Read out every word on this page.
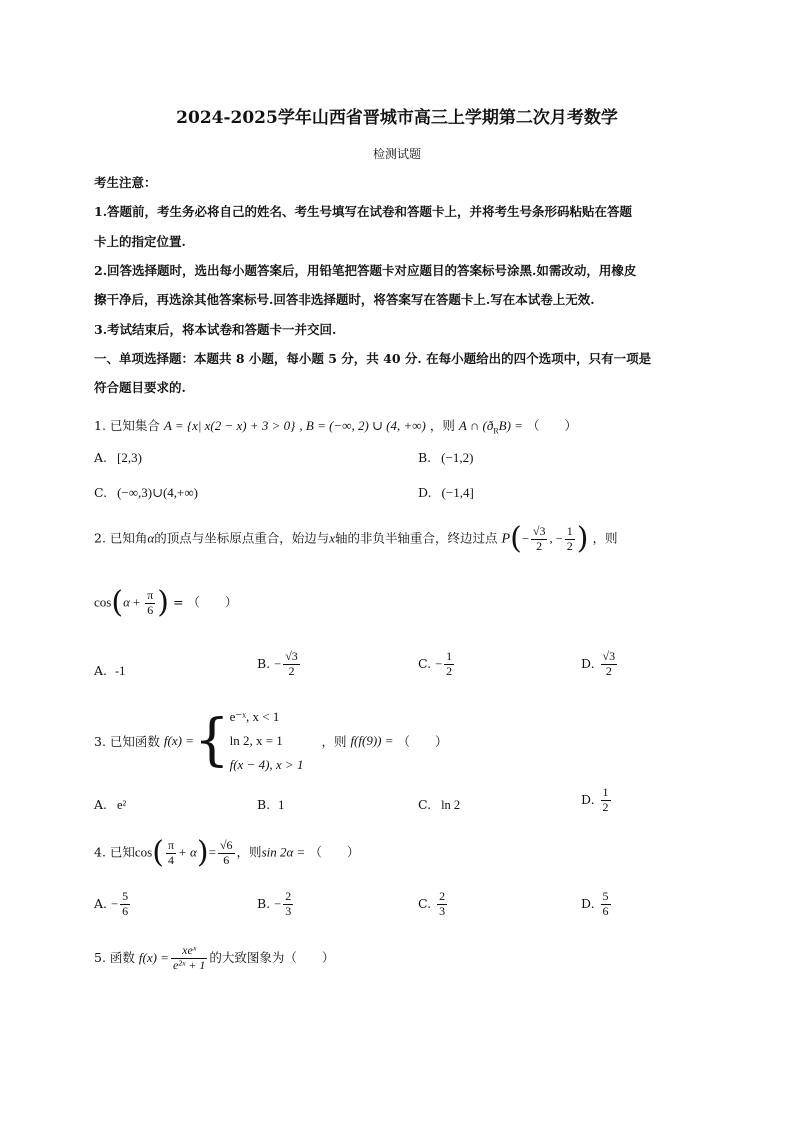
2024-2025学年山西省晋城市高三上学期第二次月考数学
检测试题
考生注意：
1.答题前，考生务必将自己的姓名、考生号填写在试卷和答题卡上，并将考生号条形码粘贴在答题
卡上的指定位置.
2.回答选择题时，选出每小题答案后，用铅笔把答题卡对应题目的答案标号涂黑.如需改动，用橡皮
擦干净后，再选涂其他答案标号.回答非选择题时，将答案写在答题卡上.写在本试卷上无效.
3.考试结束后，将本试卷和答题卡一并交回.
一、单项选择题：本题共 8 小题，每小题 5 分，共 40 分. 在每小题给出的四个选项中，只有一项是
符合题目要求的.
1. 已知集合 A = {x| x(2 − x) + 3 > 0} , B = (−∞, 2) ∪ (4, +∞) ，则 A ∩ $(ð_RB)$ = （　　）
A. [2,3)	B. (−1,2)
C. (−∞,3)∪(4,+∞)	D. (−1,4]
2. 已知角α的顶点与坐标原点重合，始边与x轴的非负半轴重合，终边过点 $P(- \frac{√3}{2}$ , − $\frac{1}{2}$ ) ，则
$\cos(\alpha + \frac{\pi}{6}$ ) = （　　）
A. -1
B. − $\frac{√3}{2}$	C. − $\frac{1}{2}$	D. $\frac{√3}{2}$
3. 已知函数 f(x) ={ e⁻ˣ, x < 1
ln 2, x = 1
f(x − 4), x > 1
，则 f(f(9)) = （　　）
A. e²	B. 1	C. ln 2	D. $\frac{1}{2}$
4. 已知$\cos( \frac{\pi}{4} + \alpha)= \frac{√6}{6}$ ，则sin 2α = （　　）
A. − $\frac{5}{6}$	B. − $\frac{2}{3}$	C. $\frac{2}{3}$	D. $\frac{5}{6}$
5. 函数 $f(x) = \frac{\text{xeˣ}}{\text{e²ˣ + 1}}$ 的大致图象为（　　）
